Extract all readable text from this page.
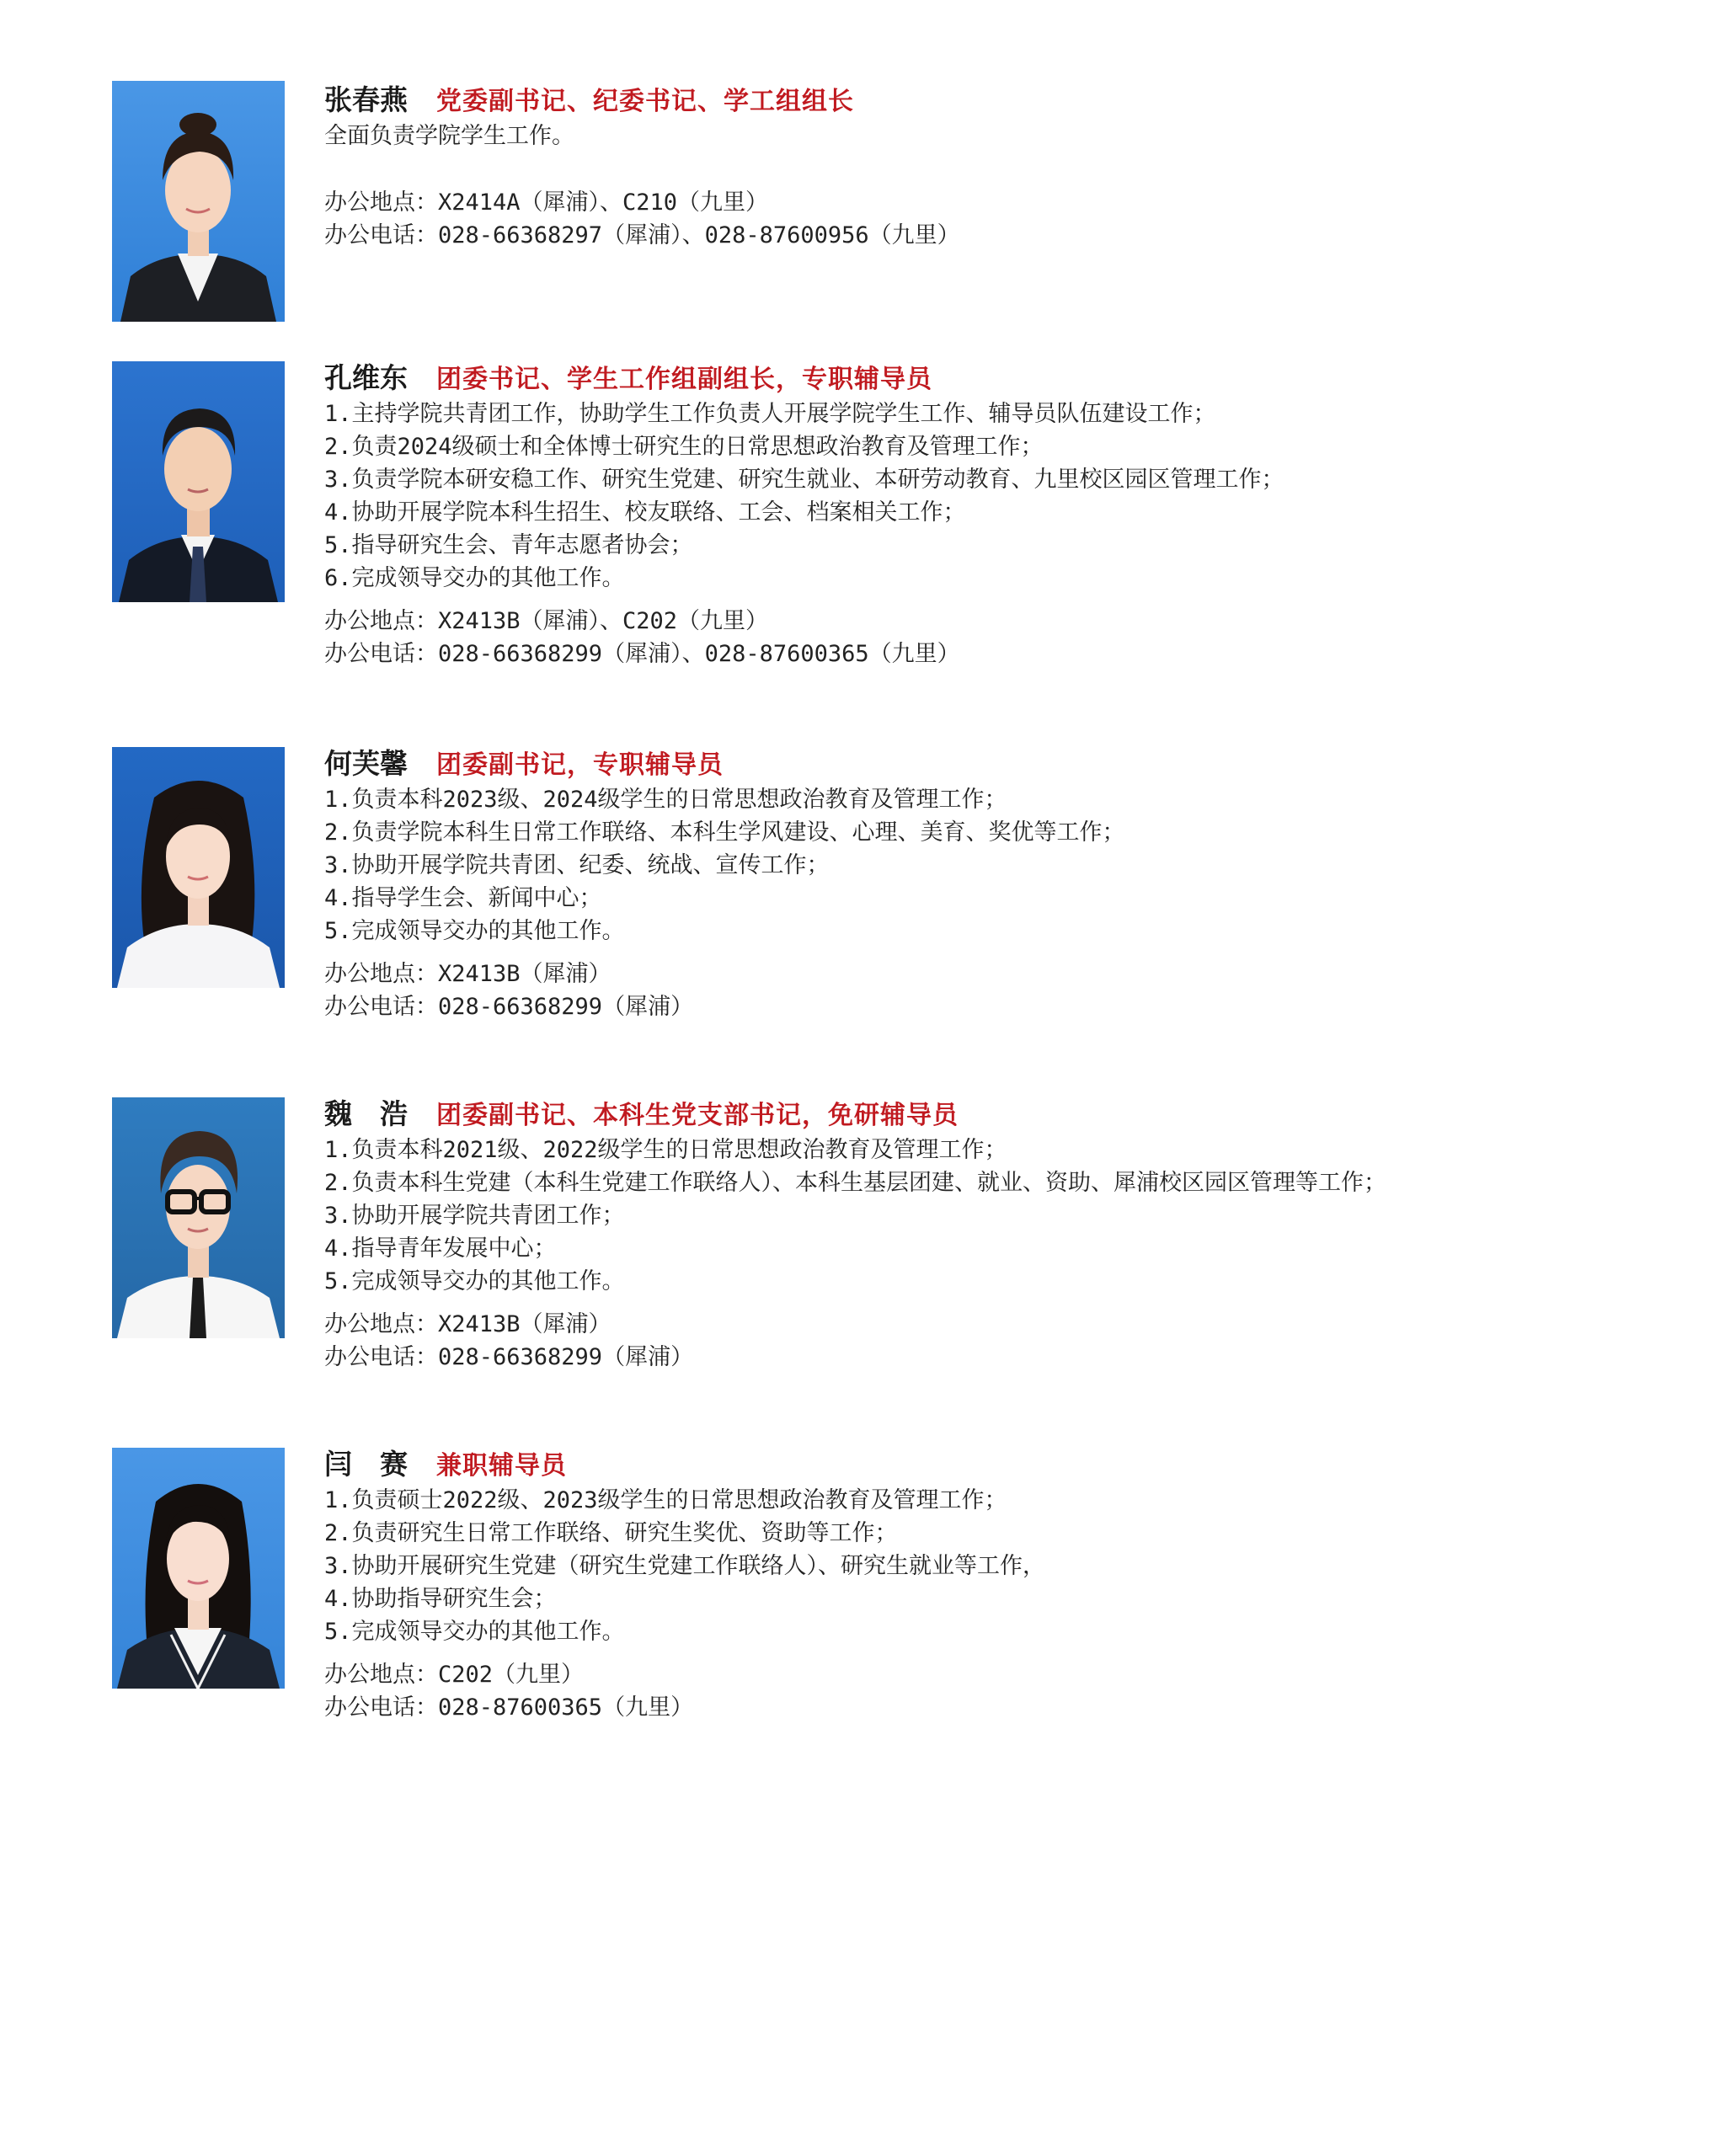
张春燕 党委副书记、纪委书记、学工组组长
全面负责学院学生工作。
办公地点：X2414A（犀浦）、C210（九里）
办公电话：028-66368297（犀浦）、028-87600956（九里）
孔维东 团委书记、学生工作组副组长，专职辅导员
1.主持学院共青团工作，协助学生工作负责人开展学院学生工作、辅导员队伍建设工作；
2.负责2024级硕士和全体博士研究生的日常思想政治教育及管理工作；
3.负责学院本研安稳工作、研究生党建、研究生就业、本研劳动教育、九里校区园区管理工作；
4.协助开展学院本科生招生、校友联络、工会、档案相关工作；
5.指导研究生会、青年志愿者协会；
6.完成领导交办的其他工作。
办公地点：X2413B（犀浦）、C202（九里）
办公电话：028-66368299（犀浦）、028-87600365（九里）
何芙馨 团委副书记，专职辅导员
1.负责本科2023级、2024级学生的日常思想政治教育及管理工作；
2.负责学院本科生日常工作联络、本科生学风建设、心理、美育、奖优等工作；
3.协助开展学院共青团、纪委、统战、宣传工作；
4.指导学生会、新闻中心；
5.完成领导交办的其他工作。
办公地点：X2413B（犀浦）
办公电话：028-66368299（犀浦）
魏　浩 团委副书记、本科生党支部书记，免研辅导员
1.负责本科2021级、2022级学生的日常思想政治教育及管理工作；
2.负责本科生党建（本科生党建工作联络人）、本科生基层团建、就业、资助、犀浦校区园区管理等工作；
3.协助开展学院共青团工作；
4.指导青年发展中心；
5.完成领导交办的其他工作。
办公地点：X2413B（犀浦）
办公电话：028-66368299（犀浦）
闫　赛 兼职辅导员
1.负责硕士2022级、2023级学生的日常思想政治教育及管理工作；
2.负责研究生日常工作联络、研究生奖优、资助等工作；
3.协助开展研究生党建（研究生党建工作联络人）、研究生就业等工作，
4.协助指导研究生会；
5.完成领导交办的其他工作。
办公地点：C202（九里）
办公电话：028-87600365（九里）
